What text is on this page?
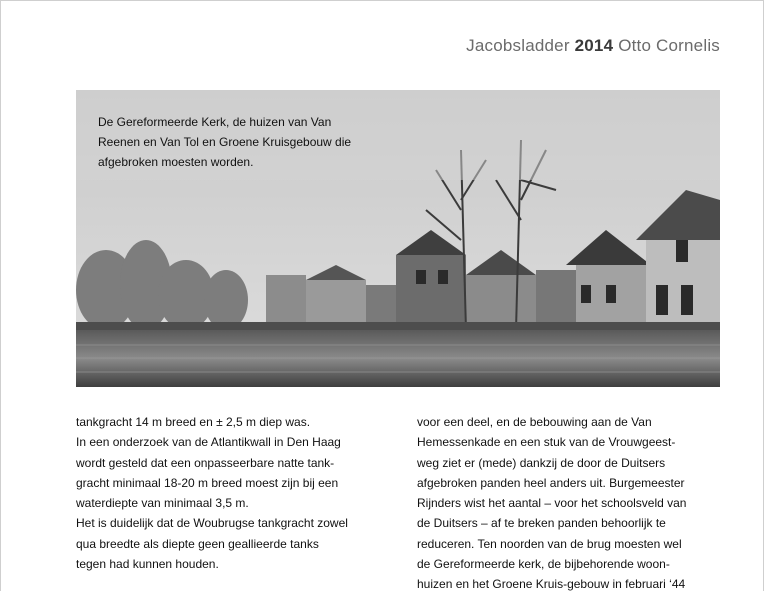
Jacobsladder 2014 Otto Cornelis
De Gereformeerde Kerk, de huizen van Van
Reenen en Van Tol en Groene Kruisgebouw die
afgebroken moesten worden.

tankgracht 14 m breed en ± 2,5 m diep was.

In een onderzoek van de Atlantikwall in Den Haag

wordt gesteld dat een onpasseerbare natte tank-

gracht minimaal 18-20 m breed moest zijn bij een

waterdiepte van minimaal 3,5 m.

Het is duidelijk dat de Woubrugse tankgracht zowel

qua breedte als diepte geen geallieerde tanks

tegen had kunnen houden.

voor een deel, en de bebouwing aan de Van

Hemessenkade en een stuk van de Vrouwgeest-

weg ziet er (mede) dankzij de door de Duitsers

afgebroken panden heel anders uit. Burgemeester

Rijnders wist het aantal – voor het schoolsveld van

de Duitsers – af te breken panden behoorlijk te

reduceren. Ten noorden van de brug moesten wel

de Gereformeerde kerk, de bijbehorende woon-

huizen en het Groene Kruis-gebouw in februari ‘44
